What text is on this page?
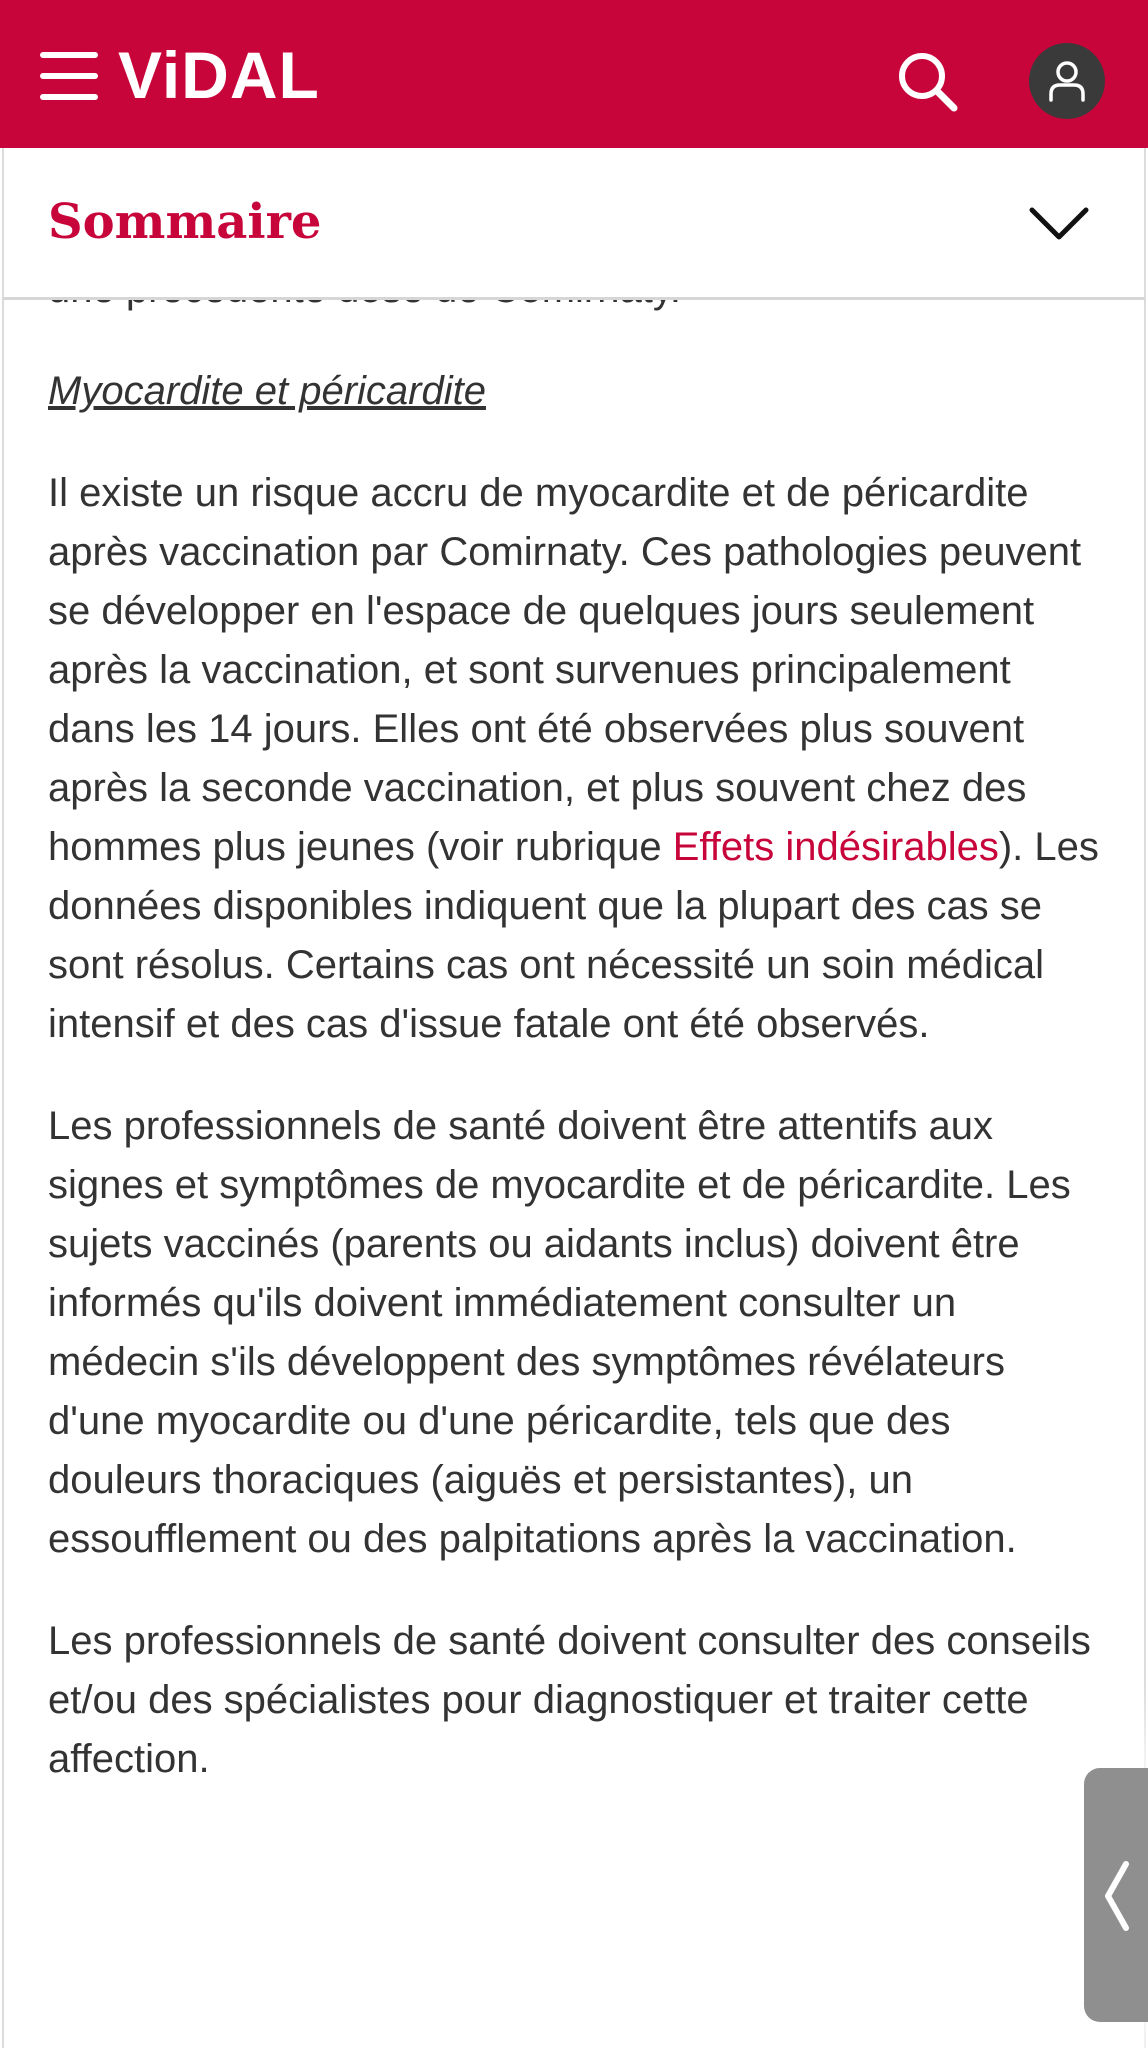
ViDAL
Sommaire

Myocardite et péricardite

Il existe un risque accru de myocardite et de péricardite après vaccination par Comirnaty. Ces pathologies peuvent se développer en l'espace de quelques jours seulement après la vaccination, et sont survenues principalement dans les 14 jours. Elles ont été observées plus souvent après la seconde vaccination, et plus souvent chez des hommes plus jeunes (voir rubrique Effets indésirables). Les données disponibles indiquent que la plupart des cas se sont résolus. Certains cas ont nécessité un soin médical intensif et des cas d'issue fatale ont été observés.

Les professionnels de santé doivent être attentifs aux signes et symptômes de myocardite et de péricardite. Les sujets vaccinés (parents ou aidants inclus) doivent être informés qu'ils doivent immédiatement consulter un médecin s'ils développent des symptômes révélateurs d'une myocardite ou d'une péricardite, tels que des douleurs thoraciques (aiguës et persistantes), un essoufflement ou des palpitations après la vaccination.

Les professionnels de santé doivent consulter des conseils et/ou des spécialistes pour diagnostiquer et traiter cette affection.
